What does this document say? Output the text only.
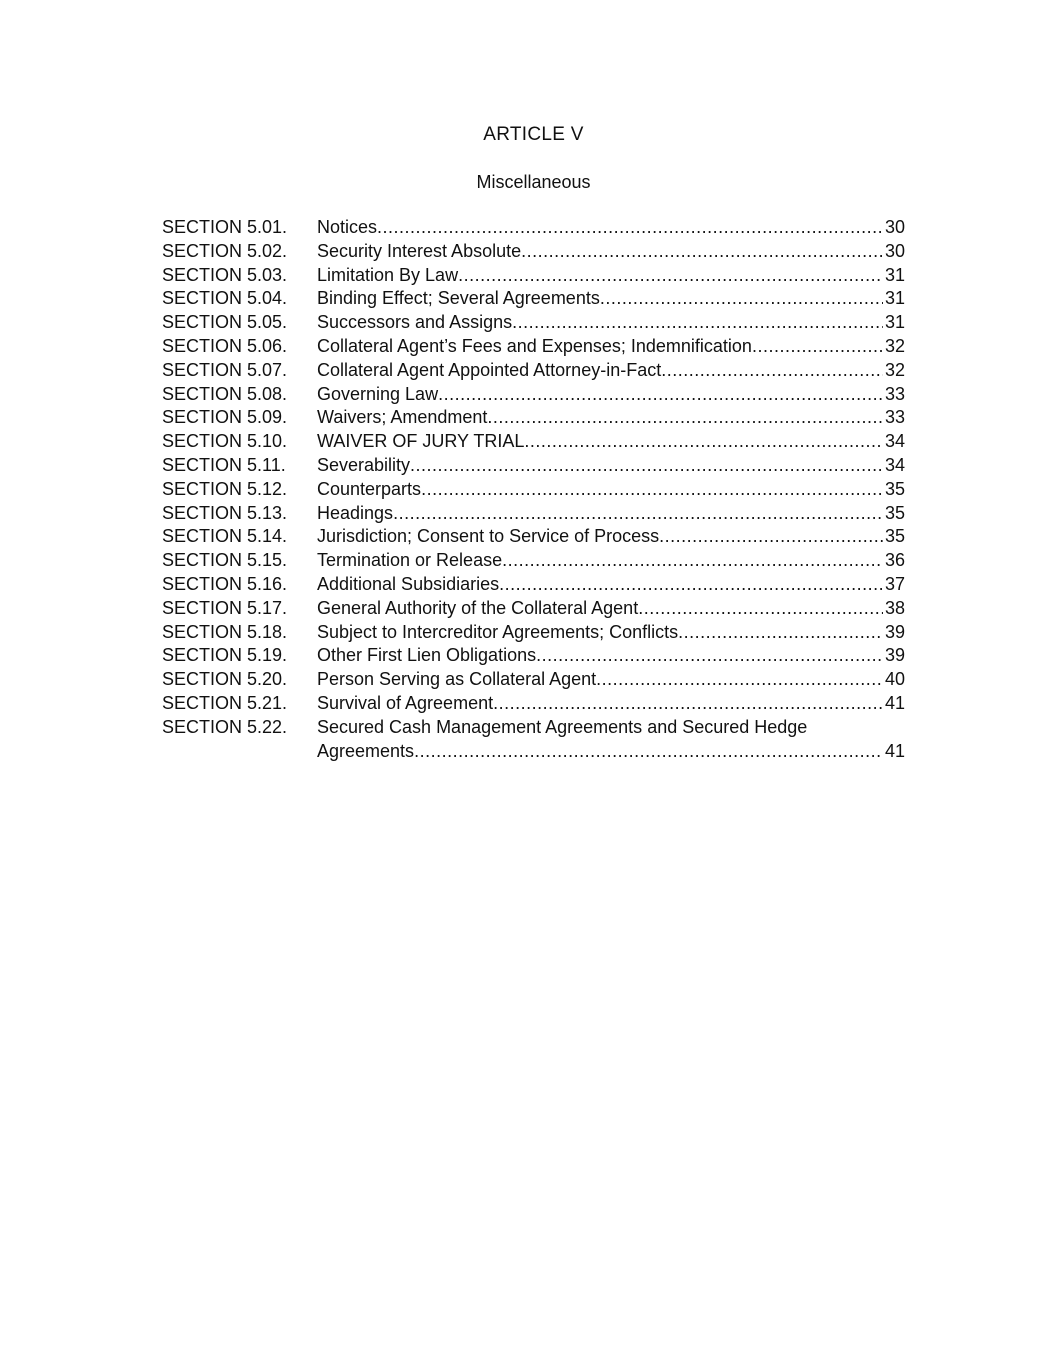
ARTICLE V
Miscellaneous
SECTION 5.01.	Notices .....	30
SECTION 5.02.	Security Interest Absolute .....	30
SECTION 5.03.	Limitation By Law .....	31
SECTION 5.04.	Binding Effect; Several Agreements .....	31
SECTION 5.05.	Successors and Assigns .....	31
SECTION 5.06.	Collateral Agent’s Fees and Expenses; Indemnification .....	32
SECTION 5.07.	Collateral Agent Appointed Attorney-in-Fact .....	32
SECTION 5.08.	Governing Law .....	33
SECTION 5.09.	Waivers; Amendment .....	33
SECTION 5.10.	WAIVER OF JURY TRIAL .....	34
SECTION 5.11.	Severability .....	34
SECTION 5.12.	Counterparts .....	35
SECTION 5.13.	Headings .....	35
SECTION 5.14.	Jurisdiction; Consent to Service of Process .....	35
SECTION 5.15.	Termination or Release .....	36
SECTION 5.16.	Additional Subsidiaries .....	37
SECTION 5.17.	General Authority of the Collateral Agent .....	38
SECTION 5.18.	Subject to Intercreditor Agreements; Conflicts .....	39
SECTION 5.19.	Other First Lien Obligations .....	39
SECTION 5.20.	Person Serving as Collateral Agent .....	40
SECTION 5.21.	Survival of Agreement .....	41
SECTION 5.22.	Secured Cash Management Agreements and Secured Hedge
Agreements .....	41
